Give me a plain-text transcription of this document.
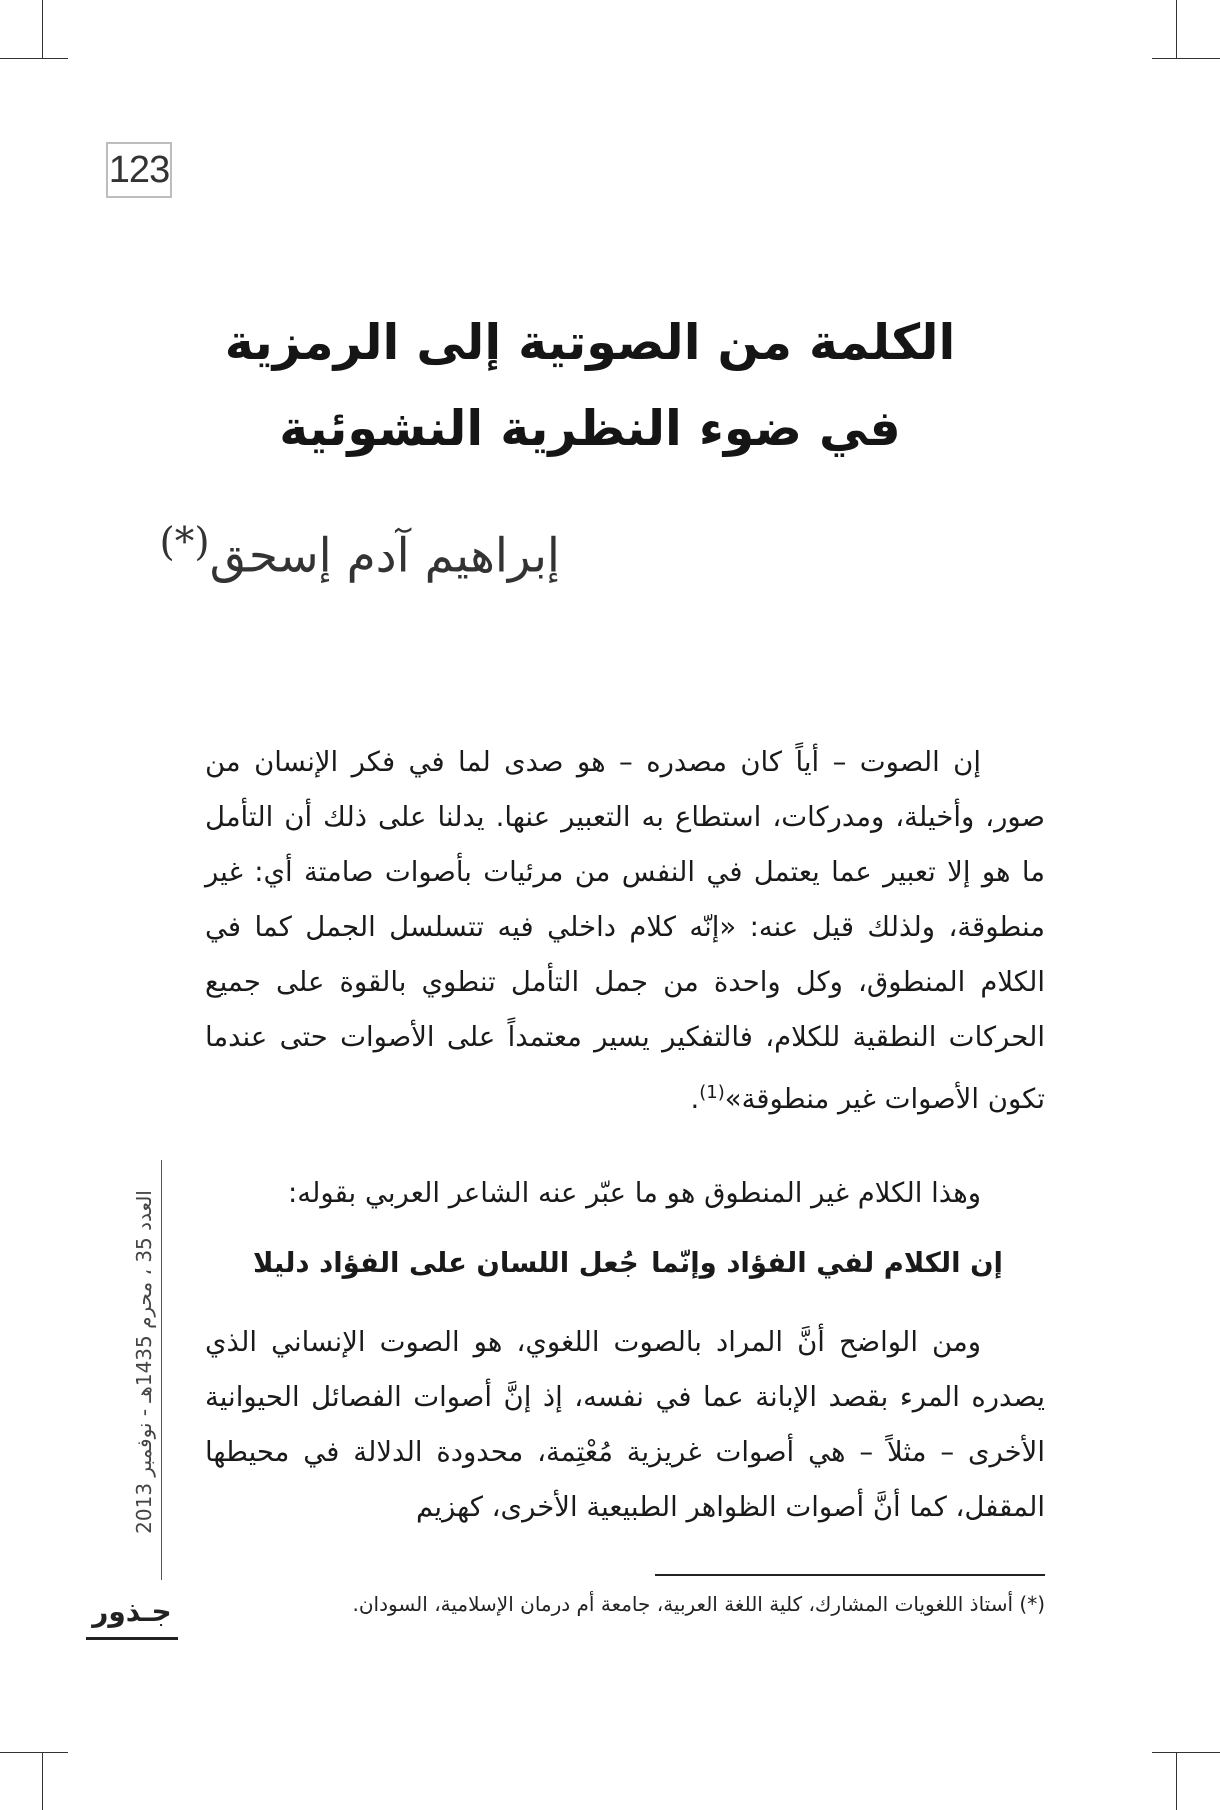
123
الكلمة من الصوتية إلى الرمزية
في ضوء النظرية النشوئية
إبراهيم آدم إسحق(*)

إن الصوت – أياً كان مصدره – هو صدى لما في فكر الإنسان من صور، وأخيلة، ومدركات، استطاع به التعبير عنها. يدلنا على ذلك أن التأمل ما هو إلا تعبير عما يعتمل في النفس من مرئيات بأصوات صامتة أي: غير منطوقة، ولذلك قيل عنه: «إنّه كلام داخلي فيه تتسلسل الجمل كما في الكلام المنطوق، وكل واحدة من جمل التأمل تنطوي بالقوة على جميع الحركات النطقية للكلام، فالتفكير يسير معتمداً على الأصوات حتى عندما تكون الأصوات غير منطوقة»$^{(1)}$.

وهذا الكلام غير المنطوق هو ما عبّر عنه الشاعر العربي بقوله:

إن الكلام لفي الفؤاد وإنّما
جُعل اللسان على الفؤاد دليلا

ومن الواضح أنَّ المراد بالصوت اللغوي، هو الصوت الإنساني الذي يصدره المرء بقصد الإبانة عما في نفسه، إذ إنَّ أصوات الفصائل الحيوانية الأخرى – مثلاً – هي أصوات غريزية مُعْتِمة، محدودة الدلالة في محيطها المقفل، كما أنَّ أصوات الظواهر الطبيعية الأخرى، كهزيم

(*) أستاذ اللغويات المشارك، كلية اللغة العربية، جامعة أم درمان الإسلامية، السودان.
العدد 35 ، محرم 1435هـ - نوفمبر 2013
جـذور
